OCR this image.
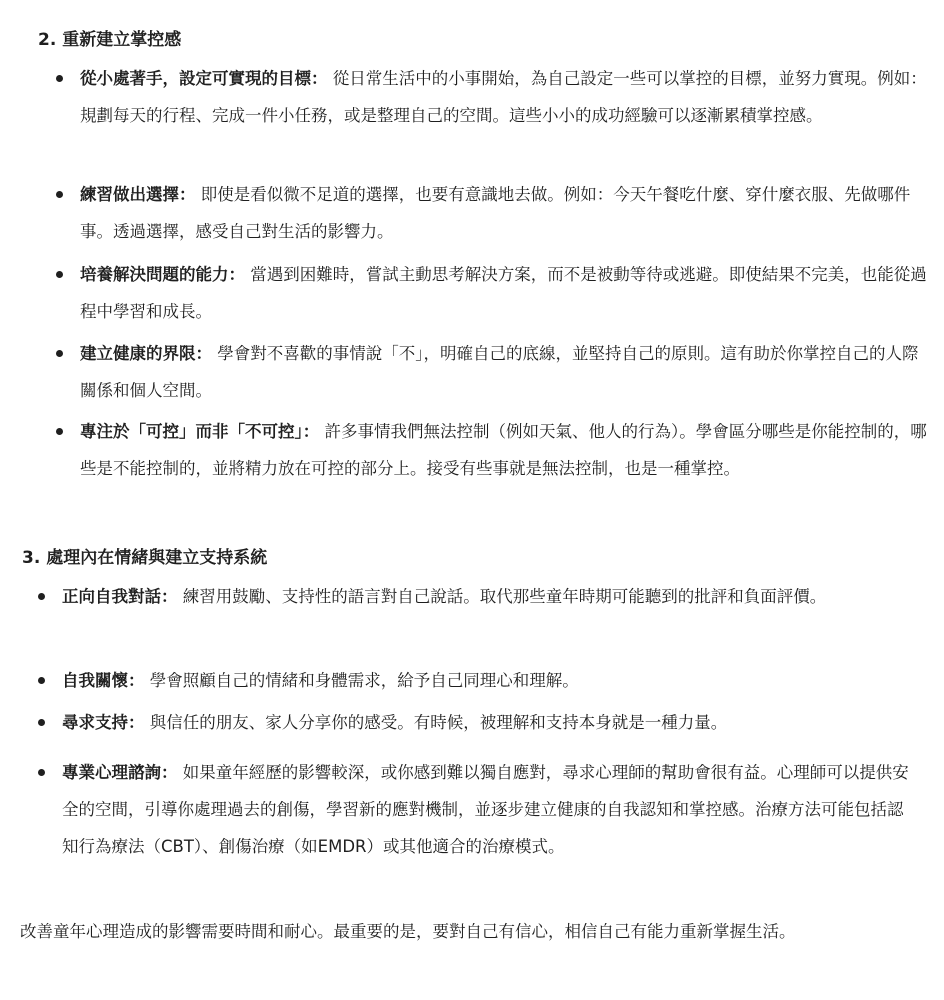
2. 重新建立掌控感
從小處著手，設定可實現的目標： 從日常生活中的小事開始，為自己設定一些可以掌控的目標，並努力實現。例如：規劃每天的行程、完成一件小任務，或是整理自己的空間。這些小小的成功經驗可以逐漸累積掌控感。
練習做出選擇： 即使是看似微不足道的選擇，也要有意識地去做。例如：今天午餐吃什麼、穿什麼衣服、先做哪件事。透過選擇，感受自己對生活的影響力。
培養解決問題的能力： 當遇到困難時，嘗試主動思考解決方案，而不是被動等待或逃避。即使結果不完美，也能從過程中學習和成長。
建立健康的界限： 學會對不喜歡的事情說「不」，明確自己的底線，並堅持自己的原則。這有助於你掌控自己的人際關係和個人空間。
專注於「可控」而非「不可控」： 許多事情我們無法控制（例如天氣、他人的行為）。學會區分哪些是你能控制的，哪些是不能控制的，並將精力放在可控的部分上。接受有些事就是無法控制，也是一種掌控。
3. 處理內在情緒與建立支持系統
正向自我對話： 練習用鼓勵、支持性的語言對自己說話。取代那些童年時期可能聽到的批評和負面評價。
自我關懷： 學會照顧自己的情緒和身體需求，給予自己同理心和理解。
尋求支持： 與信任的朋友、家人分享你的感受。有時候，被理解和支持本身就是一種力量。
專業心理諮詢： 如果童年經歷的影響較深，或你感到難以獨自應對，尋求心理師的幫助會很有益。心理師可以提供安全的空間，引導你處理過去的創傷，學習新的應對機制，並逐步建立健康的自我認知和掌控感。治療方法可能包括認知行為療法（CBT）、創傷治療（如EMDR）或其他適合的治療模式。

改善童年心理造成的影響需要時間和耐心。最重要的是，要對自己有信心，相信自己有能力重新掌握生活。
